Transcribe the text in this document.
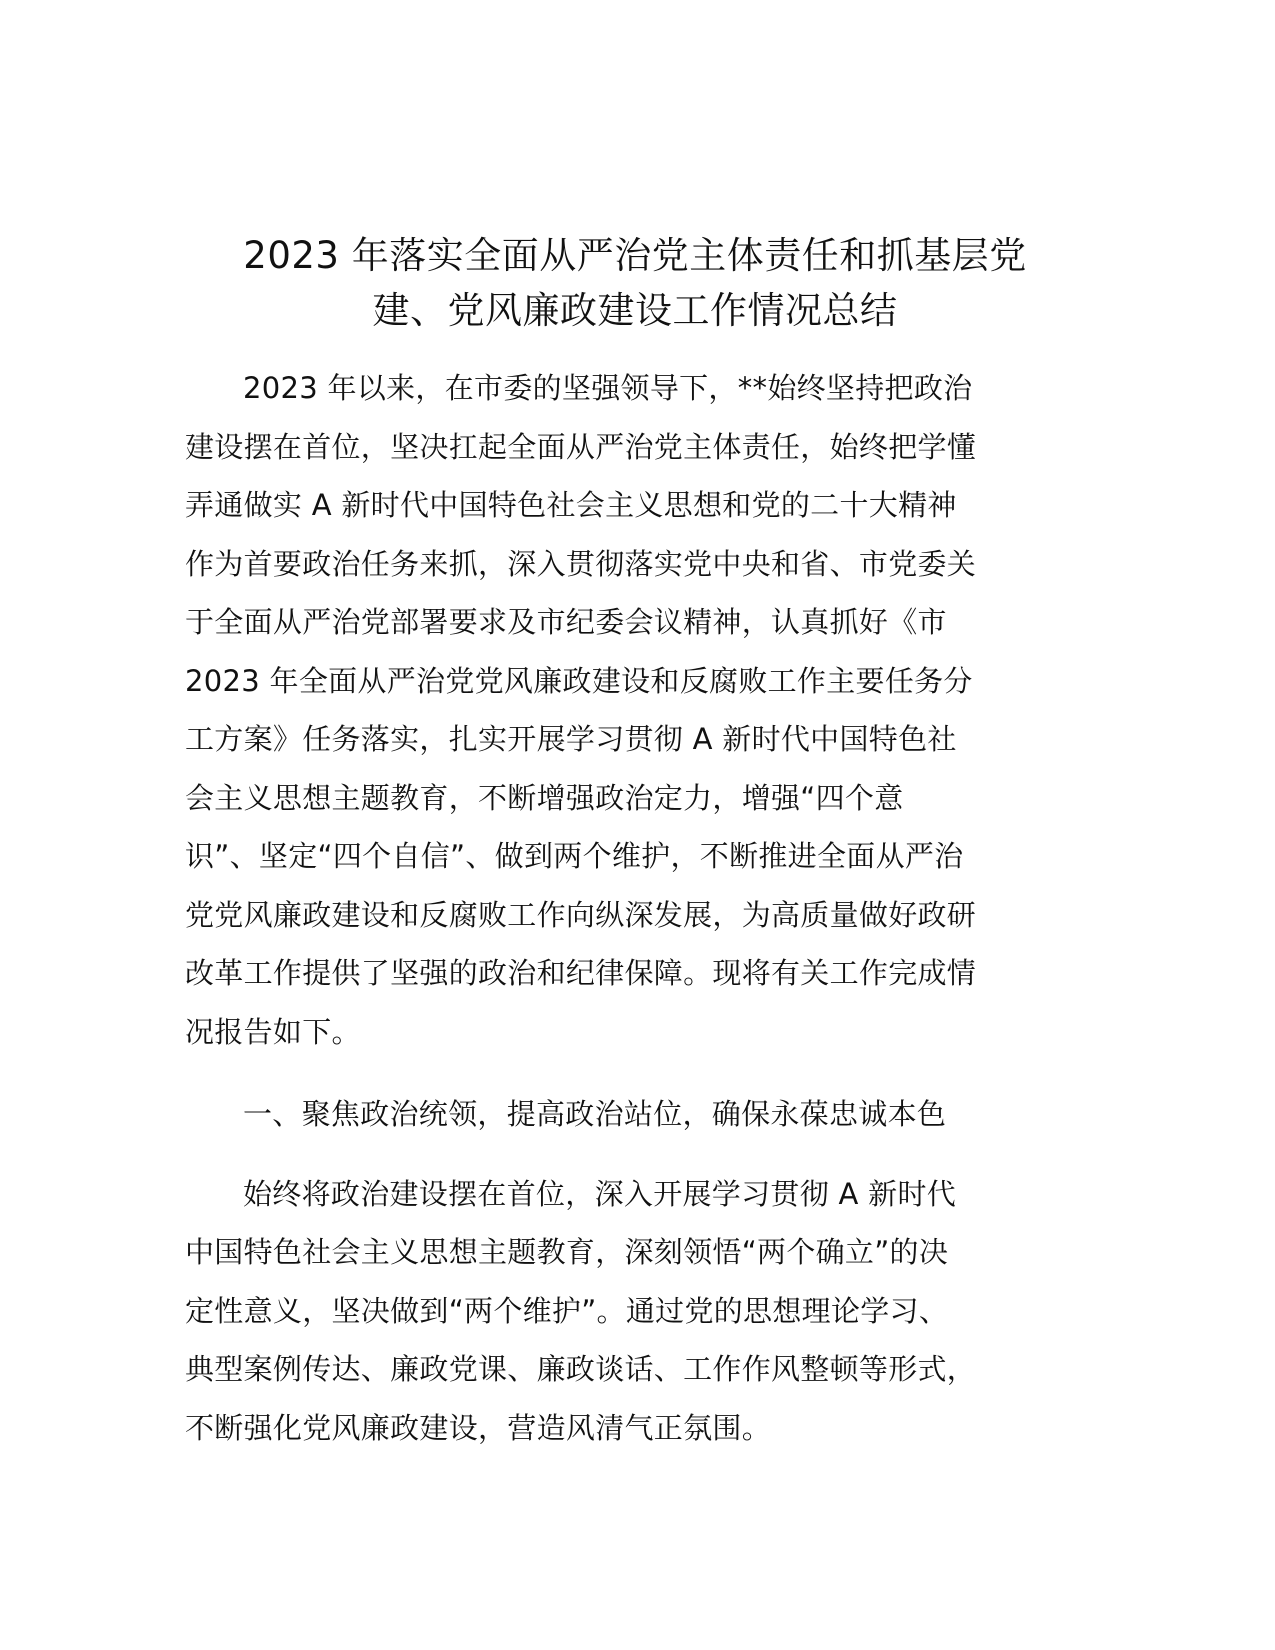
2023 年落实全面从严治党主体责任和抓基层党
建、党风廉政建设工作情况总结

2023 年以来，在市委的坚强领导下，**始终坚持把政治
建设摆在首位，坚决扛起全面从严治党主体责任，始终把学懂
弄通做实 A 新时代中国特色社会主义思想和党的二十大精神
作为首要政治任务来抓，深入贯彻落实党中央和省、市党委关
于全面从严治党部署要求及市纪委会议精神，认真抓好《市
2023 年全面从严治党党风廉政建设和反腐败工作主要任务分
工方案》任务落实，扎实开展学习贯彻 A 新时代中国特色社
会主义思想主题教育，不断增强政治定力，增强“四个意
识”、坚定“四个自信”、做到两个维护，不断推进全面从严治
党党风廉政建设和反腐败工作向纵深发展，为高质量做好政研
改革工作提供了坚强的政治和纪律保障。现将有关工作完成情
况报告如下。

一、聚焦政治统领，提高政治站位，确保永葆忠诚本色

始终将政治建设摆在首位，深入开展学习贯彻 A 新时代
中国特色社会主义思想主题教育，深刻领悟“两个确立”的决
定性意义，坚决做到“两个维护”。通过党的思想理论学习、
典型案例传达、廉政党课、廉政谈话、工作作风整顿等形式，
不断强化党风廉政建设，营造风清气正氛围。
